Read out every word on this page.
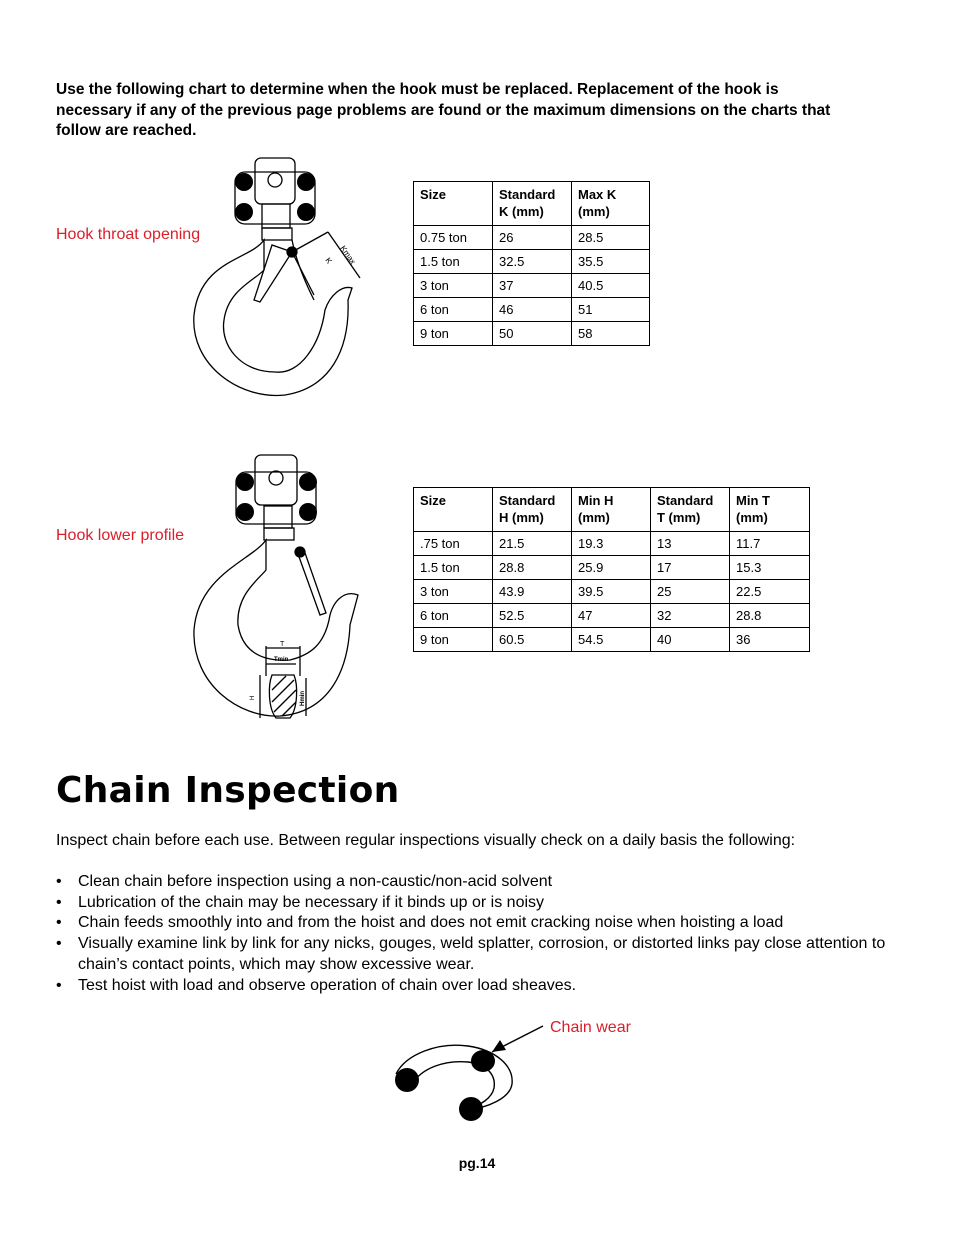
Use the following chart to determine when the hook must be replaced. Replacement of the hook is necessary if any of the previous page problems are found or the maximum dimensions on the charts that follow are reached.
Hook throat opening
Kmax
K
Size	Standard K (mm)	Max K (mm)
0.75 ton	26	28.5
1.5 ton	32.5	35.5
3 ton	37	40.5
6 ton	46	51
9 ton	50	58
Hook lower profile
T
Tmin
H	Hmin
Size	Standard H (mm)	Min H (mm)	Standard T (mm)	Min T (mm)
.75 ton	21.5	19.3	13	11.7
1.5 ton	28.8	25.9	17	15.3
3 ton	43.9	39.5	25	22.5
6 ton	52.5	47	32	28.8
9 ton	60.5	54.5	40	36
Chain Inspection
Inspect chain before each use. Between regular inspections visually check on a daily basis the following:
• Clean chain before inspection using a non-caustic/non-acid solvent
• Lubrication of the chain may be necessary if it binds up or is noisy
• Chain feeds smoothly into and from the hoist and does not emit cracking noise when hoisting a load
• Visually examine link by link for any nicks, gouges, weld splatter, corrosion, or distorted links pay close attention to chain’s contact points, which may show excessive wear.
• Test hoist with load and observe operation of chain over load sheaves.
Chain wear
pg.14
